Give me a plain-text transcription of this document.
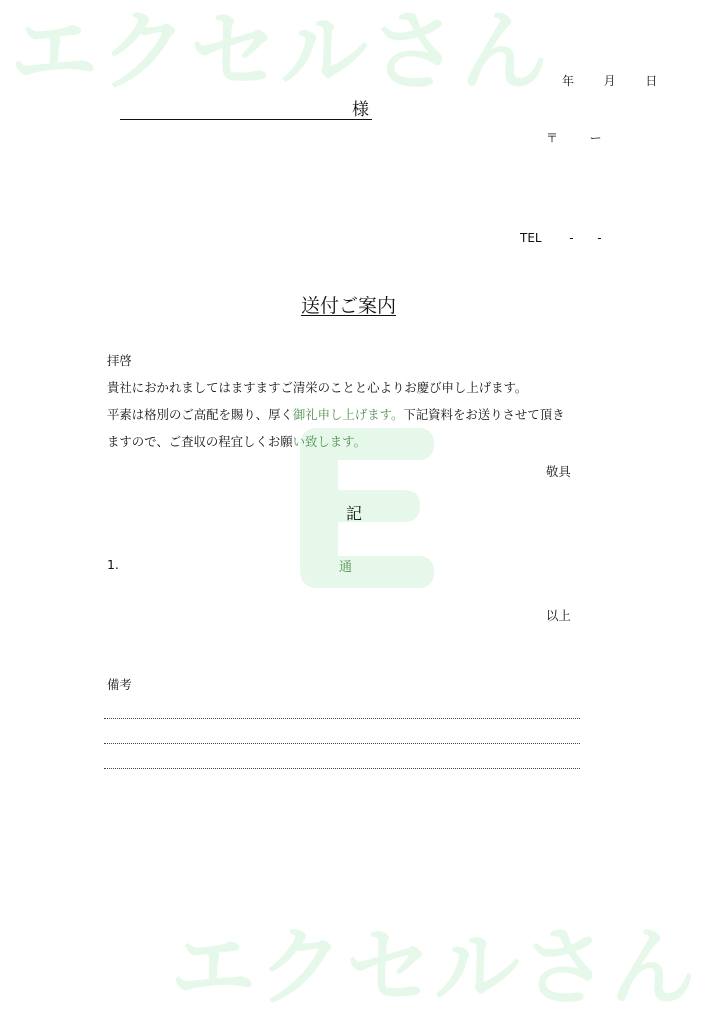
エクセルさん
エクセルさん
年 月 日
様
〒	ー
TEL - -
送付ご案内
拝啓
貴社におかれましてはますますご清栄のことと心よりお慶び申し上げます。
平素は格別のご高配を賜り、厚く御礼申し上げます。下記資料をお送りさせて頂き
ますので、ご査収の程宜しくお願い致します。
敬具
記
1.	通
以上
備考
